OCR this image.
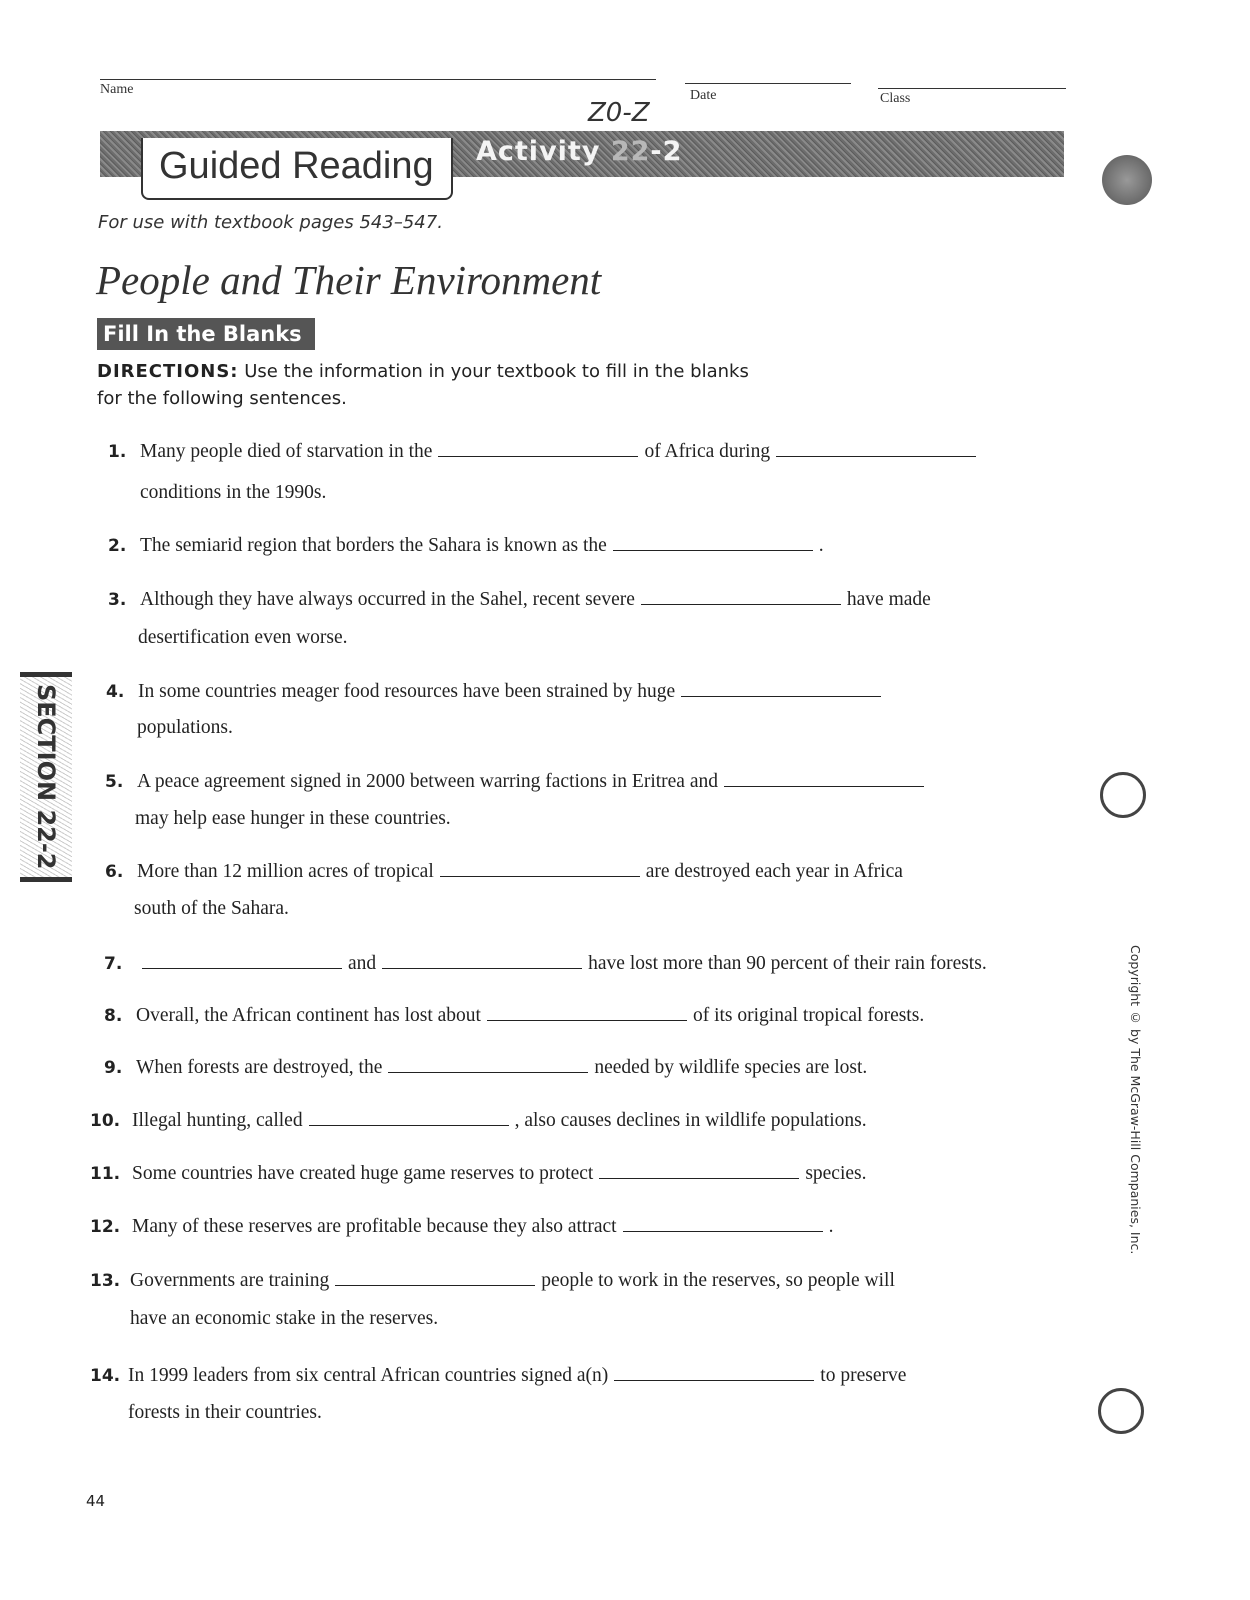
Name	Date	Class
Z0-Z
Guided Reading	Activity 22-2
For use with textbook pages 543–547.
People and Their Environment
Fill In the Blanks
DIRECTIONS: Use the information in your textbook to fill in the blanks
for the following sentences.
1. Many people died of starvation in the	of Africa during
conditions in the 1990s.
2. The semiarid region that borders the Sahara is known as the	.
3. Although they have always occurred in the Sahel, recent severe	have made
desertification even worse.
4. In some countries meager food resources have been strained by huge
populations.
5. A peace agreement signed in 2000 between warring factions in Eritrea and
may help ease hunger in these countries.
6. More than 12 million acres of tropical	are destroyed each year in Africa
south of the Sahara.
7.	and	have lost more than 90 percent of their rain forests.
8. Overall, the African continent has lost about	of its original tropical forests.
9. When forests are destroyed, the	needed by wildlife species are lost.
10. Illegal hunting, called	, also causes declines in wildlife populations.
11. Some countries have created huge game reserves to protect	species.
12. Many of these reserves are profitable because they also attract	.
13. Governments are training	people to work in the reserves, so people will
have an economic stake in the reserves.
14. In 1999 leaders from six central African countries signed a(n)	to preserve
forests in their countries.
SECTION 22-2
Copyright © by The McGraw-Hill Companies, Inc.
44
